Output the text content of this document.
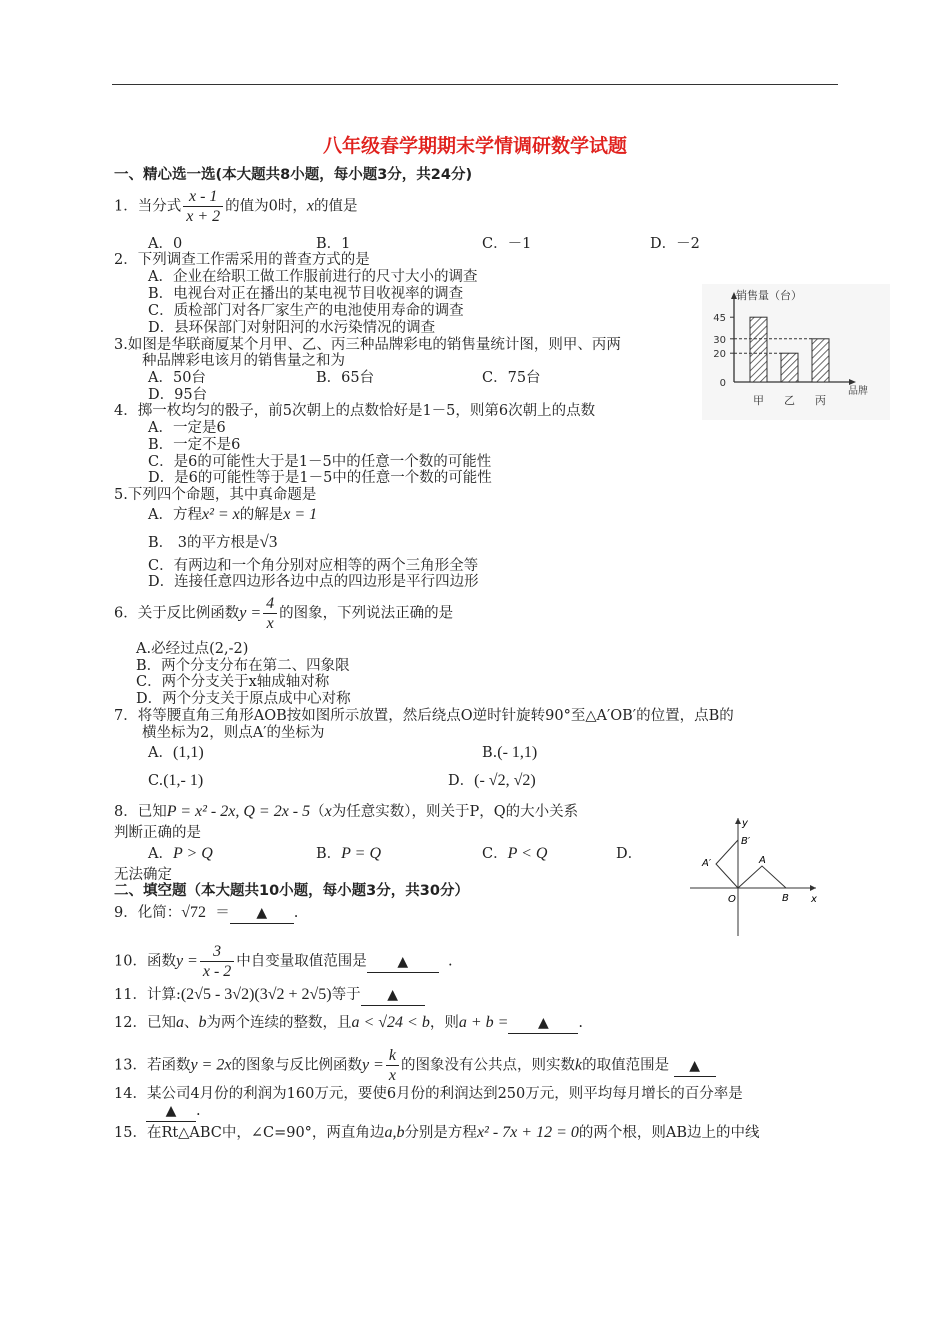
八年级春学期期末学情调研数学试题
一、精心选一选(本大题共8小题，每小题3分，共24分)
1．当分式 $\frac{x - 1}{x + 2}$ 的值为0时，x的值是
A．0	B．1	C．－1	D．－2
2．下列调查工作需采用的普查方式的是
A．企业在给职工做工作服前进行的尺寸大小的调查
B．电视台对正在播出的某电视节目收视率的调查
C．质检部门对各厂家生产的电池使用寿命的调查
D．县环保部门对射阳河的水污染情况的调查
3.如图是华联商厦某个月甲、乙、丙三种品牌彩电的销售量统计图，则甲、丙两
种品牌彩电该月的销售量之和为
A．50台	B．65台	C．75台
D．95台
销售量（台）
品牌
0
20
30
45
甲 乙 丙
4．掷一枚均匀的骰子，前5次朝上的点数恰好是1－5，则第6次朝上的点数
A．一定是6
B．一定不是6
C．是6的可能性大于是1－5中的任意一个数的可能性
D．是6的可能性等于是1－5中的任意一个数的可能性
5.下列四个命题，其中真命题是
A．方程x² = x的解是x = 1
B． 3的平方根是√3
C．有两边和一个角分别对应相等的两个三角形全等
D．连接任意四边形各边中点的四边形是平行四边形
6．关于反比例函数$y = \frac{4}{x}$ 的图象，下列说法正确的是
A.必经过点(2,-2)
B．两个分支分布在第二、四象限
C．两个分支关于x轴成轴对称
D．两个分支关于原点成中心对称
7．将等腰直角三角形AOB按如图所示放置，然后绕点O逆时针旋转90°至△A′OB′的位置，点B的
横坐标为2，则点A′的坐标为
A．(1,1)	B.(- 1,1)
C.(1,- 1)	D．(- √2, √2)
8．已知P = x² - 2x, Q = 2x - 5（x为任意实数），则关于P，Q的大小关系
判断正确的是
A．P > Q	B．P = Q	C．P < Q	D．
无法确定
y
x
O
A
B
A′
B′
二、填空题（本大题共10小题，每小题3分，共30分）
9．化简：√72 ＝ ▲ .
10．函数$y = \frac{3}{x - 2}$ 中自变量取值范围是 ▲  .
11．计算:(2√5 - 3√2)(3√2 + 2√5)等于 ▲
12．已知a、b为两个连续的整数，且a < √24 < b，则a + b = ▲ .
13．若函数y = 2x的图象与反比例函数$y = \frac{k}{x}$ 的图象没有公共点，则实数k的取值范围是 ▲
14．某公司4月份的利润为160万元，要使6月份的利润达到250万元，则平均每月增长的百分率是
▲ .
15．在Rt△ABC中，∠C=90°，两直角边a,b分别是方程x² - 7x + 12 = 0的两个根，则AB边上的中线
